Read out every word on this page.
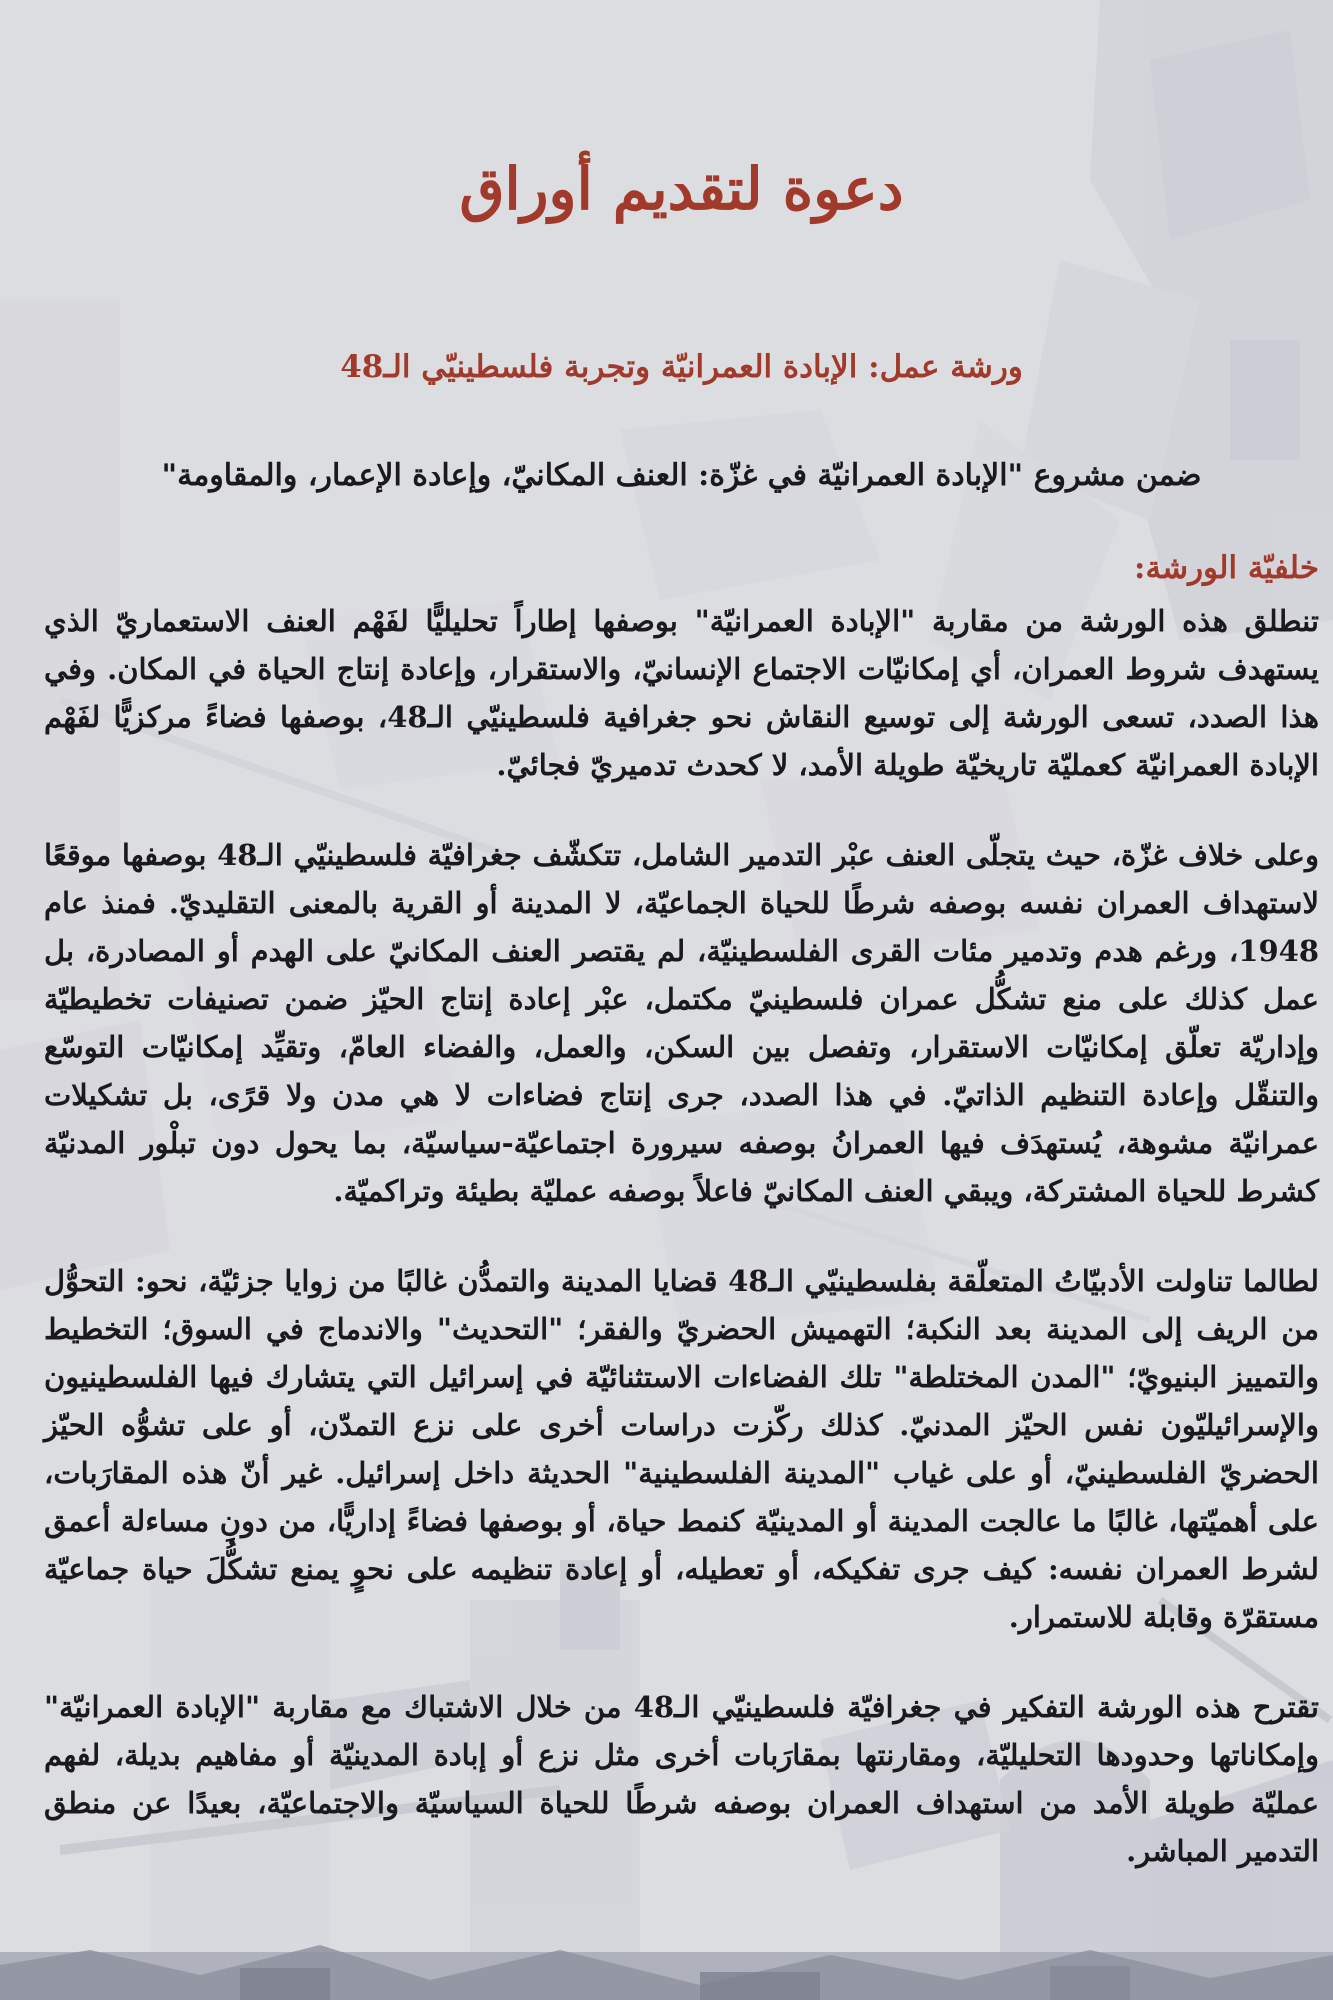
دعوة لتقديم أوراق
ورشة عمل: الإبادة العمرانيّة وتجربة فلسطينيّي الـ48
ضمن مشروع "الإبادة العمرانيّة في غزّة: العنف المكانيّ، وإعادة الإعمار، والمقاومة"
خلفيّة الورشة:

تنطلق هذه الورشة من مقاربة "الإبادة العمرانيّة" بوصفها إطاراً تحليليًّا لفَهْم العنف الاستعماريّ الذي يستهدف شروط العمران، أي إمكانيّات الاجتماع الإنسانيّ، والاستقرار، وإعادة إنتاج الحياة في المكان. وفي هذا الصدد، تسعى الورشة إلى توسيع النقاش نحو جغرافية فلسطينيّي الـ48، بوصفها فضاءً مركزيًّا لفَهْم الإبادة العمرانيّة كعمليّة تاريخيّة طويلة الأمد، لا كحدث تدميريّ فجائيّ.

وعلى خلاف غزّة، حيث يتجلّى العنف عبْر التدمير الشامل، تتكشّف جغرافيّة فلسطينيّي الـ48 بوصفها موقعًا لاستهداف العمران نفسه بوصفه شرطًا للحياة الجماعيّة، لا المدينة أو القرية بالمعنى التقليديّ. فمنذ عام 1948، ورغم هدم وتدمير مئات القرى الفلسطينيّة، لم يقتصر العنف المكانيّ على الهدم أو المصادرة، بل عمل كذلك على منع تشكُّل عمران فلسطينيّ مكتمل، عبْر إعادة إنتاج الحيّز ضمن تصنيفات تخطيطيّة وإداريّة تعلّق إمكانيّات الاستقرار، وتفصل بين السكن، والعمل، والفضاء العامّ، وتقيِّد إمكانيّات التوسّع والتنقّل وإعادة التنظيم الذاتيّ. في هذا الصدد، جرى إنتاج فضاءات لا هي مدن ولا قرًى، بل تشكيلات عمرانيّة مشوهة، يُستهدَف فيها العمرانُ بوصفه سيرورة اجتماعيّة-سياسيّة، بما يحول دون تبلْور المدنيّة كشرط للحياة المشتركة، ويبقي العنف المكانيّ فاعلاً بوصفه عمليّة بطيئة وتراكميّة.

لطالما تناولت الأدبيّاتُ المتعلّقة بفلسطينيّي الـ48 قضايا المدينة والتمدُّن غالبًا من زوايا جزئيّة، نحو: التحوُّل من الريف إلى المدينة بعد النكبة؛ التهميش الحضريّ والفقر؛ "التحديث" والاندماج في السوق؛ التخطيط والتمييز البنيويّ؛ "المدن المختلطة" تلك الفضاءات الاستثنائيّة في إسرائيل التي يتشارك فيها الفلسطينيون والإسرائيليّون نفس الحيّز المدنيّ. كذلك ركّزت دراسات أخرى على نزع التمدّن، أو على تشوُّه الحيّز الحضريّ الفلسطينيّ، أو على غياب "المدينة الفلسطينية" الحديثة داخل إسرائيل. غير أنّ هذه المقارَبات، على أهميّتها، غالبًا ما عالجت المدينة أو المدينيّة كنمط حياة، أو بوصفها فضاءً إداريًّا، من دونِ مساءلة أعمق لشرط العمران نفسه: كيف جرى تفكيكه، أو تعطيله، أو إعادة تنظيمه على نحوٍ يمنع تشكُّلَ حياة جماعيّة مستقرّة وقابلة للاستمرار.

تقترح هذه الورشة التفكير في جغرافيّة فلسطينيّي الـ48 من خلال الاشتباك مع مقاربة "الإبادة العمرانيّة" وإمكاناتها وحدودها التحليليّة، ومقارنتها بمقارَبات أخرى مثل نزع أو إبادة المدينيّة أو مفاهيم بديلة، لفهم عمليّة طويلة الأمد من استهداف العمران بوصفه شرطًا للحياة السياسيّة والاجتماعيّة، بعيدًا عن منطق التدمير المباشر.
